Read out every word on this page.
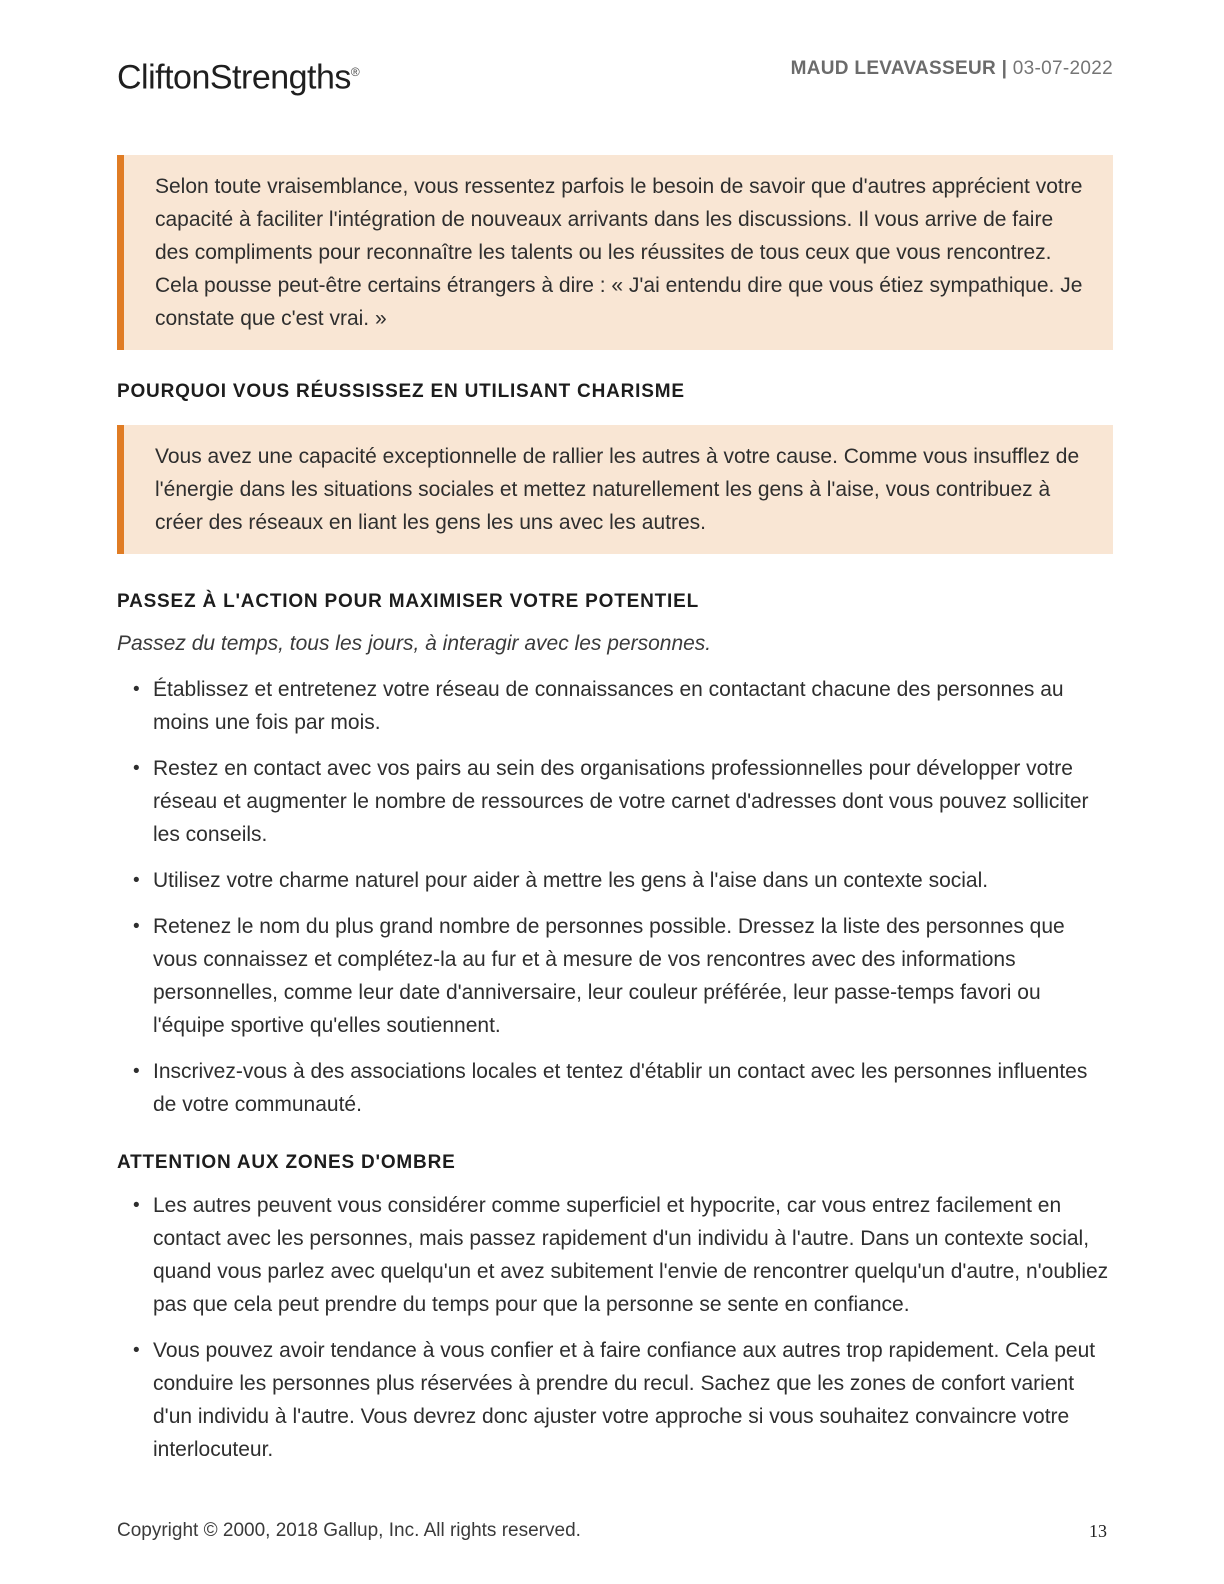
CliftonStrengths®	MAUD LEVAVASSEUR | 03-07-2022
Selon toute vraisemblance, vous ressentez parfois le besoin de savoir que d'autres apprécient votre capacité à faciliter l'intégration de nouveaux arrivants dans les discussions. Il vous arrive de faire des compliments pour reconnaître les talents ou les réussites de tous ceux que vous rencontrez. Cela pousse peut-être certains étrangers à dire : « J'ai entendu dire que vous étiez sympathique. Je constate que c'est vrai. »
POURQUOI VOUS RÉUSSISSEZ EN UTILISANT CHARISME
Vous avez une capacité exceptionnelle de rallier les autres à votre cause. Comme vous insufflez de l'énergie dans les situations sociales et mettez naturellement les gens à l'aise, vous contribuez à créer des réseaux en liant les gens les uns avec les autres.
PASSEZ À L'ACTION POUR MAXIMISER VOTRE POTENTIEL
Passez du temps, tous les jours, à interagir avec les personnes.
• Établissez et entretenez votre réseau de connaissances en contactant chacune des personnes au moins une fois par mois.
• Restez en contact avec vos pairs au sein des organisations professionnelles pour développer votre réseau et augmenter le nombre de ressources de votre carnet d'adresses dont vous pouvez solliciter les conseils.
• Utilisez votre charme naturel pour aider à mettre les gens à l'aise dans un contexte social.
• Retenez le nom du plus grand nombre de personnes possible. Dressez la liste des personnes que vous connaissez et complétez-la au fur et à mesure de vos rencontres avec des informations personnelles, comme leur date d'anniversaire, leur couleur préférée, leur passe-temps favori ou l'équipe sportive qu'elles soutiennent.
• Inscrivez-vous à des associations locales et tentez d'établir un contact avec les personnes influentes de votre communauté.
ATTENTION AUX ZONES D'OMBRE
• Les autres peuvent vous considérer comme superficiel et hypocrite, car vous entrez facilement en contact avec les personnes, mais passez rapidement d'un individu à l'autre. Dans un contexte social, quand vous parlez avec quelqu'un et avez subitement l'envie de rencontrer quelqu'un d'autre, n'oubliez pas que cela peut prendre du temps pour que la personne se sente en confiance.
• Vous pouvez avoir tendance à vous confier et à faire confiance aux autres trop rapidement. Cela peut conduire les personnes plus réservées à prendre du recul. Sachez que les zones de confort varient d'un individu à l'autre. Vous devrez donc ajuster votre approche si vous souhaitez convaincre votre interlocuteur.
Copyright © 2000, 2018 Gallup, Inc. All rights reserved.	13
